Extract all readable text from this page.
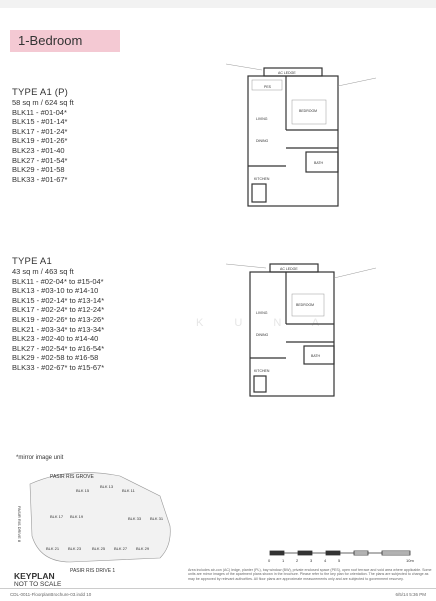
1-Bedroom
TYPE A1 (P)
58 sq m / 624 sq ft
BLK11 - #01-04*
BLK15 - #01-14*
BLK17 - #01-24*
BLK19 - #01-26*
BLK23 - #01-40
BLK27 - #01-54*
BLK29 - #01-58
BLK33 - #01-67*
AC LEDGE
BEDROOM
LIVING
DINING
BATH
KITCHEN
PES
TYPE A1
43 sq m / 463 sq ft
BLK11 - #02-04* to #15-04*
BLK13 - #03-10 to #14-10
BLK15 - #02-14* to #13-14*
BLK17 - #02-24* to #12-24*
BLK19 - #02-26* to #13-26*
BLK21 - #03-34* to #13-34*
BLK23 - #02-40 to #14-40
BLK27 - #02-54* to #16-54*
BLK29 - #02-58 to #16-58
BLK33 - #02-67* to #15-67*
K U N A
AC LEDGE
BEDROOM
LIVING
DINING
BATH
KITCHEN
*mirror image unit
PASIR RIS GROVE
PASIR RIS DRIVE 1
PASIR RIS DRIVE 8
BLK 15
BLK 13
BLK 11
BLK 17 BLK 19	BLK 33 BLK 31
BLK 21 BLK 23	BLK 25 BLK 27 BLK 29
KEYPLAN
NOT TO SCALE
0	1	2	3	4	5	10m
Area includes air-con (AC) ledge, planter (PL), bay window (BW), private enclosed space (PES), open roof terrace and void area where applicable. Some units are mirror images of the apartment plans shown in the brochure. Please refer to the key plan for orientation. The plans are subjected to change as may be approved by relevant authorities. All floor plans are approximate measurements only and are subjected to government resurvey.
CDL-0011-FloorplanBrochure-03.indd 10	6/5/14 5:36 PM
